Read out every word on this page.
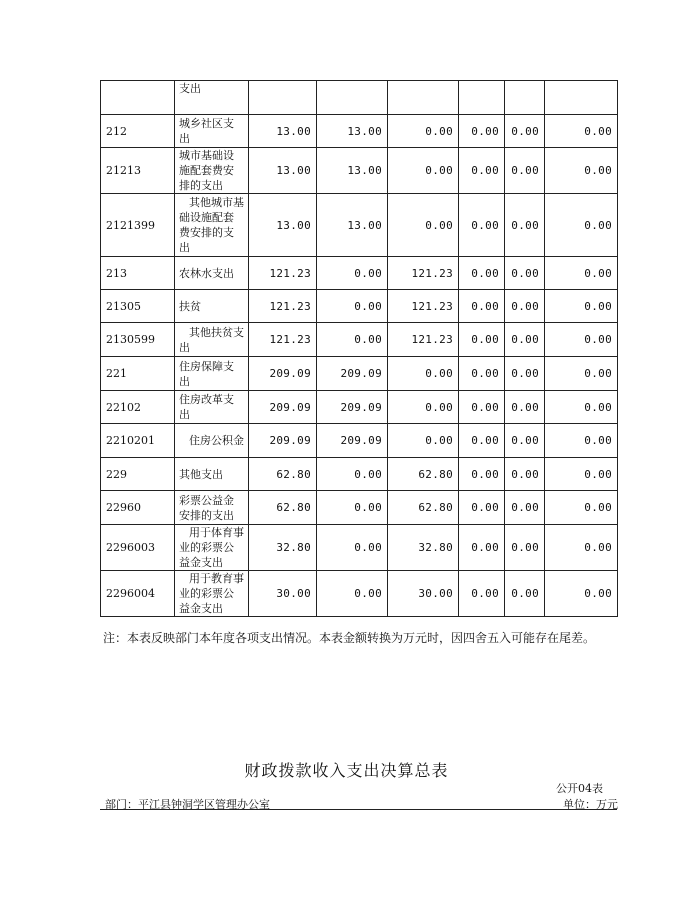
	支出						
212	城乡社区支出	13.00	13.00	0.00	0.00	0.00	0.00
21213	城市基础设施配套费安排的支出	13.00	13.00	0.00	0.00	0.00	0.00
2121399	其他城市基础设施配套费安排的支出	13.00	13.00	0.00	0.00	0.00	0.00
213	农林水支出	121.23	0.00	121.23	0.00	0.00	0.00
21305	扶贫	121.23	0.00	121.23	0.00	0.00	0.00
2130599	其他扶贫支出	121.23	0.00	121.23	0.00	0.00	0.00
221	住房保障支出	209.09	209.09	0.00	0.00	0.00	0.00
22102	住房改革支出	209.09	209.09	0.00	0.00	0.00	0.00
2210201	住房公积金	209.09	209.09	0.00	0.00	0.00	0.00
229	其他支出	62.80	0.00	62.80	0.00	0.00	0.00
22960	彩票公益金安排的支出	62.80	0.00	62.80	0.00	0.00	0.00
2296003	用于体育事业的彩票公益金支出	32.80	0.00	32.80	0.00	0.00	0.00
2296004	用于教育事业的彩票公益金支出	30.00	0.00	30.00	0.00	0.00	0.00
注：本表反映部门本年度各项支出情况。本表金额转换为万元时，因四舍五入可能存在尾差。
财政拨款收入支出决算总表
公开04表
部门：平江县钟洞学区管理办公室	单位：万元
